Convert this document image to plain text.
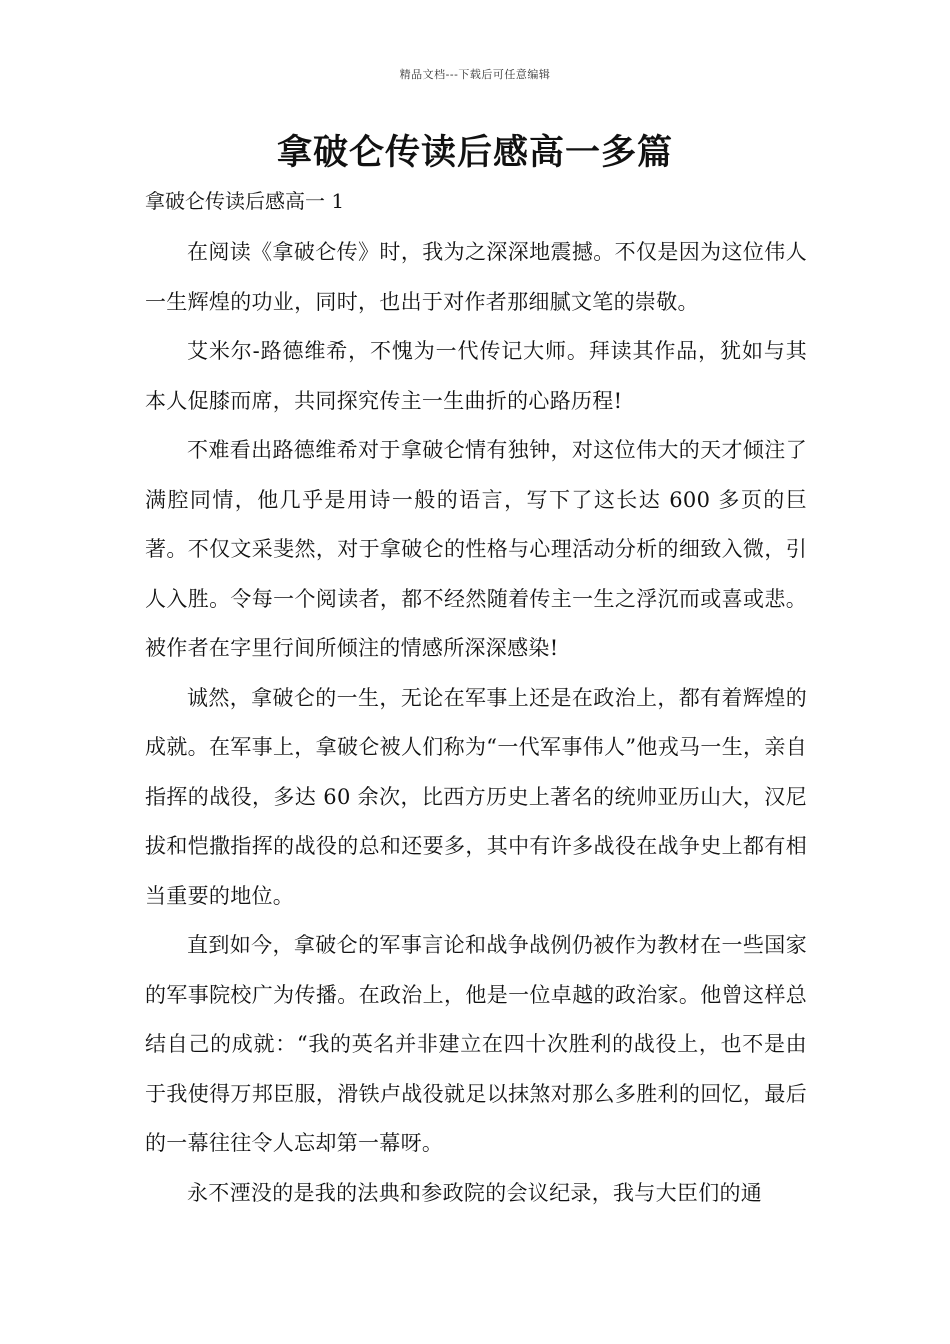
精品文档---下载后可任意编辑
拿破仑传读后感高一多篇
拿破仑传读后感高一 1

在阅读《拿破仑传》时，我为之深深地震撼。不仅是因为这位伟人一生辉煌的功业，同时，也出于对作者那细腻文笔的崇敬。

艾米尔-路德维希，不愧为一代传记大师。拜读其作品，犹如与其本人促膝而席，共同探究传主一生曲折的心路历程!

不难看出路德维希对于拿破仑情有独钟，对这位伟大的天才倾注了满腔同情，他几乎是用诗一般的语言，写下了这长达 600 多页的巨著。不仅文采斐然，对于拿破仑的性格与心理活动分析的细致入微，引人入胜。令每一个阅读者，都不经然随着传主一生之浮沉而或喜或悲。被作者在字里行间所倾注的情感所深深感染!

诚然，拿破仑的一生，无论在军事上还是在政治上，都有着辉煌的成就。在军事上，拿破仑被人们称为“一代军事伟人”他戎马一生，亲自指挥的战役，多达 60 余次，比西方历史上著名的统帅亚历山大，汉尼拔和恺撒指挥的战役的总和还要多，其中有许多战役在战争史上都有相当重要的地位。

直到如今，拿破仑的军事言论和战争战例仍被作为教材在一些国家的军事院校广为传播。在政治上，他是一位卓越的政治家。他曾这样总结自己的成就：“我的英名并非建立在四十次胜利的战役上，也不是由于我使得万邦臣服，滑铁卢战役就足以抹煞对那么多胜利的回忆，最后的一幕往往令人忘却第一幕呀。

永不湮没的是我的法典和参政院的会议纪录，我与大臣们的通
